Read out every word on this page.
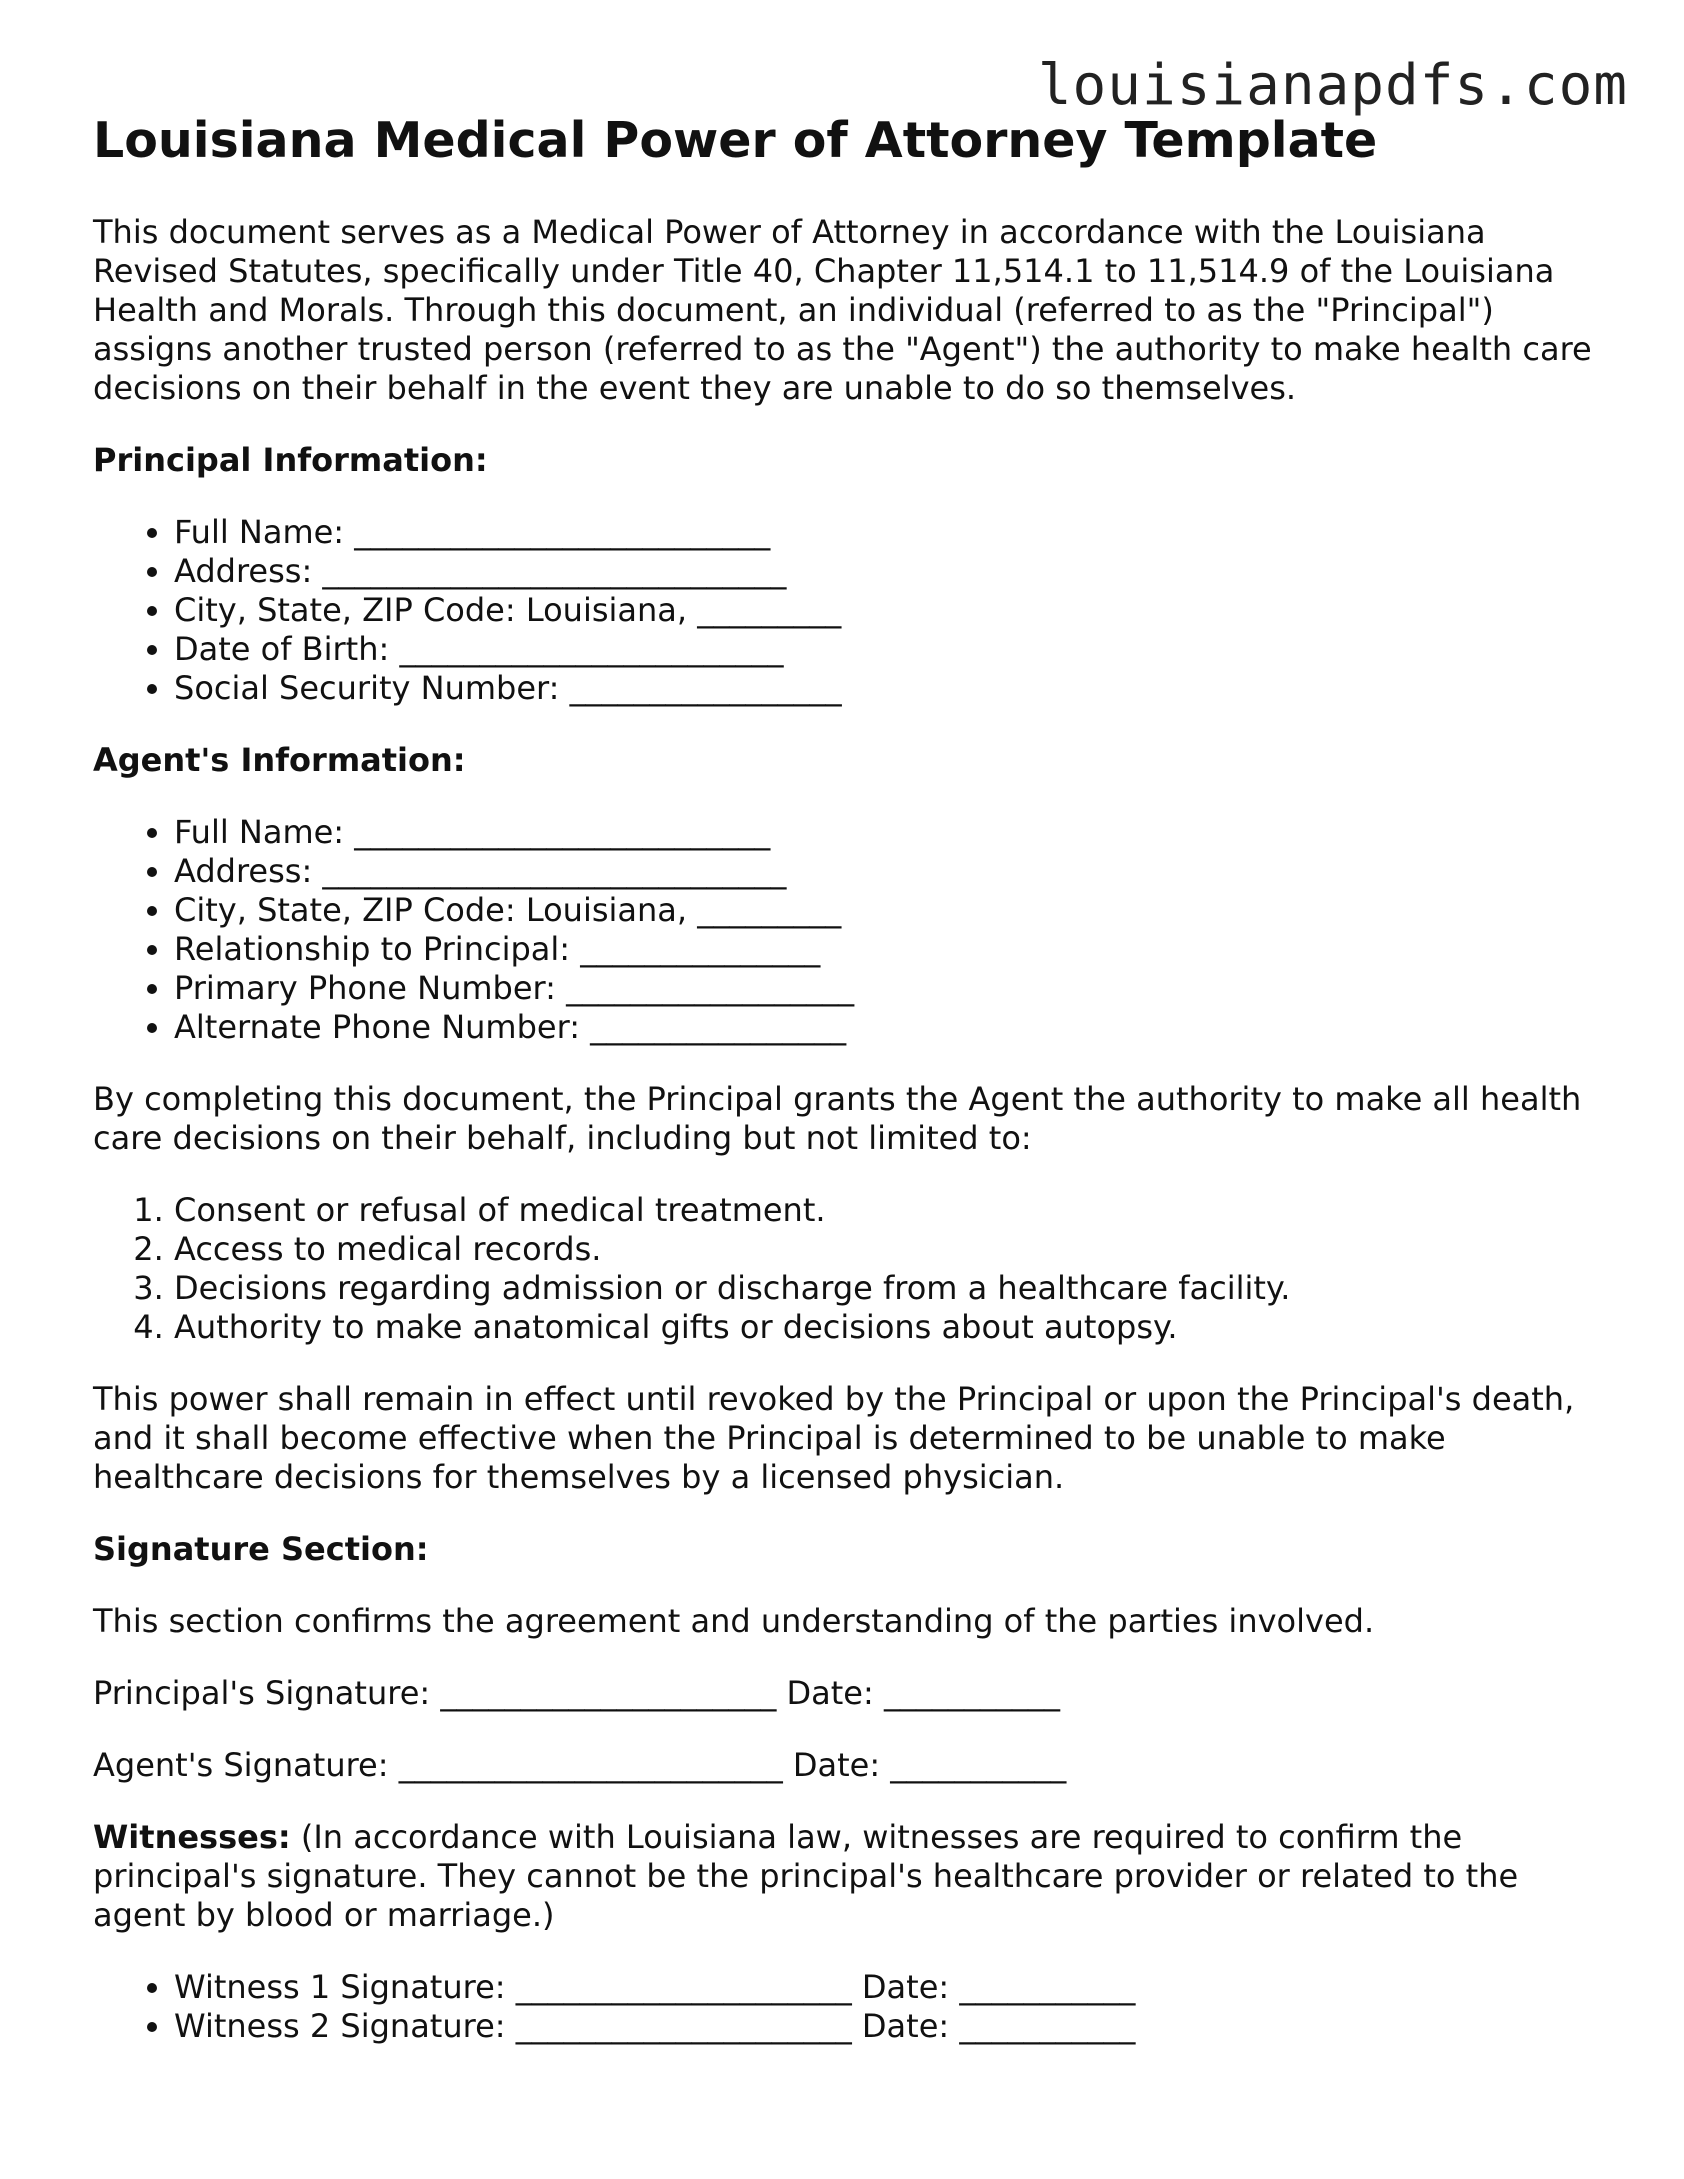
louisianapdfs.com
Louisiana Medical Power of Attorney Template

This document serves as a Medical Power of Attorney in accordance with the Louisiana Revised Statutes, specifically under Title 40, Chapter 11,514.1 to 11,514.9 of the Louisiana Health and Morals. Through this document, an individual (referred to as the "Principal") assigns another trusted person (referred to as the "Agent") the authority to make health care decisions on their behalf in the event they are unable to do so themselves.

Principal Information:
• Full Name: __________________________
• Address: _____________________________
• City, State, ZIP Code: Louisiana, _________
• Date of Birth: ________________________
• Social Security Number: _________________
Agent's Information:
• Full Name: __________________________
• Address: _____________________________
• City, State, ZIP Code: Louisiana, _________
• Relationship to Principal: _______________
• Primary Phone Number: __________________
• Alternate Phone Number: ________________

By completing this document, the Principal grants the Agent the authority to make all health care decisions on their behalf, including but not limited to:

1. Consent or refusal of medical treatment.
2. Access to medical records.
3. Decisions regarding admission or discharge from a healthcare facility.
4. Authority to make anatomical gifts or decisions about autopsy.

This power shall remain in effect until revoked by the Principal or upon the Principal's death, and it shall become effective when the Principal is determined to be unable to make healthcare decisions for themselves by a licensed physician.

Signature Section:

This section confirms the agreement and understanding of the parties involved.

Principal's Signature: _____________________ Date: ___________

Agent's Signature: ________________________ Date: ___________

Witnesses: (In accordance with Louisiana law, witnesses are required to confirm the principal's signature. They cannot be the principal's healthcare provider or related to the agent by blood or marriage.)

• Witness 1 Signature: _____________________ Date: ___________
• Witness 2 Signature: _____________________ Date: ___________
